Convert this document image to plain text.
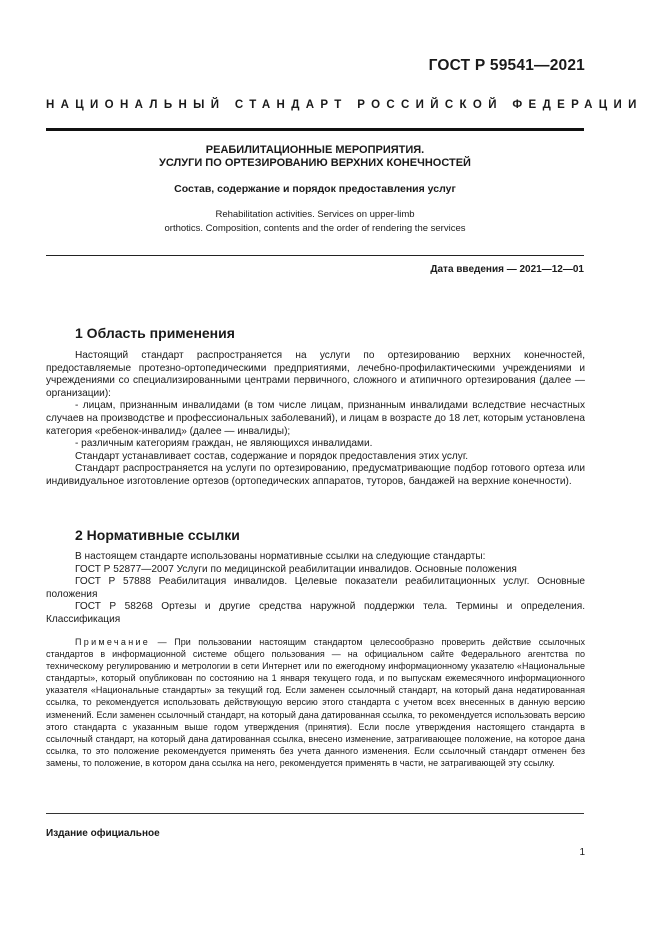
ГОСТ Р 59541—2021
НАЦИОНАЛЬНЫЙ СТАНДАРТ РОССИЙСКОЙ ФЕДЕРАЦИИ
РЕАБИЛИТАЦИОННЫЕ МЕРОПРИЯТИЯ.
УСЛУГИ ПО ОРТЕЗИРОВАНИЮ ВЕРХНИХ КОНЕЧНОСТЕЙ
Состав, содержание и порядок предоставления услуг
Rehabilitation activities. Services on upper-limb
orthotics. Composition, contents and the order of rendering the services
Дата введения — 2021—12—01
1 Область применения

Настоящий стандарт распространяется на услуги по ортезированию верхних конечностей, предоставляемые протезно-ортопедическими предприятиями, лечебно-профилактическими учреждениями и учреждениями со специализированными центрами первичного, сложного и атипичного ортезирования (далее — организации):

- лицам, признанным инвалидами (в том числе лицам, признанным инвалидами вследствие несчастных случаев на производстве и профессиональных заболеваний), и лицам в возрасте до 18 лет, которым установлена категория «ребенок-инвалид» (далее — инвалиды);

- различным категориям граждан, не являющихся инвалидами.

Стандарт устанавливает состав, содержание и порядок предоставления этих услуг.

Стандарт распространяется на услуги по ортезированию, предусматривающие подбор готового ортеза или индивидуальное изготовление ортезов (ортопедических аппаратов, туторов, бандажей на верхние конечности).

2 Нормативные ссылки

В настоящем стандарте использованы нормативные ссылки на следующие стандарты:

ГОСТ Р 52877—2007 Услуги по медицинской реабилитации инвалидов. Основные положения

ГОСТ Р 57888 Реабилитация инвалидов. Целевые показатели реабилитационных услуг. Основные положения

ГОСТ Р 58268 Ортезы и другие средства наружной поддержки тела. Термины и определения. Классификация

Примечание — При пользовании настоящим стандартом целесообразно проверить действие ссылочных стандартов в информационной системе общего пользования — на официальном сайте Федерального агентства по техническому регулированию и метрологии в сети Интернет или по ежегодному информационному указателю «Национальные стандарты», который опубликован по состоянию на 1 января текущего года, и по выпускам ежемесячного информационного указателя «Национальные стандарты» за текущий год. Если заменен ссылочный стандарт, на который дана недатированная ссылка, то рекомендуется использовать действующую версию этого стандарта с учетом всех внесенных в данную версию изменений. Если заменен ссылочный стандарт, на который дана датированная ссылка, то рекомендуется использовать версию этого стандарта с указанным выше годом утверждения (принятия). Если после утверждения настоящего стандарта в ссылочный стандарт, на который дана датированная ссылка, внесено изменение, затрагивающее положение, на которое дана ссылка, то это положение рекомендуется применять без учета данного изменения. Если ссылочный стандарт отменен без замены, то положение, в котором дана ссылка на него, рекомендуется применять в части, не затрагивающей эту ссылку.

Издание официальное
1
